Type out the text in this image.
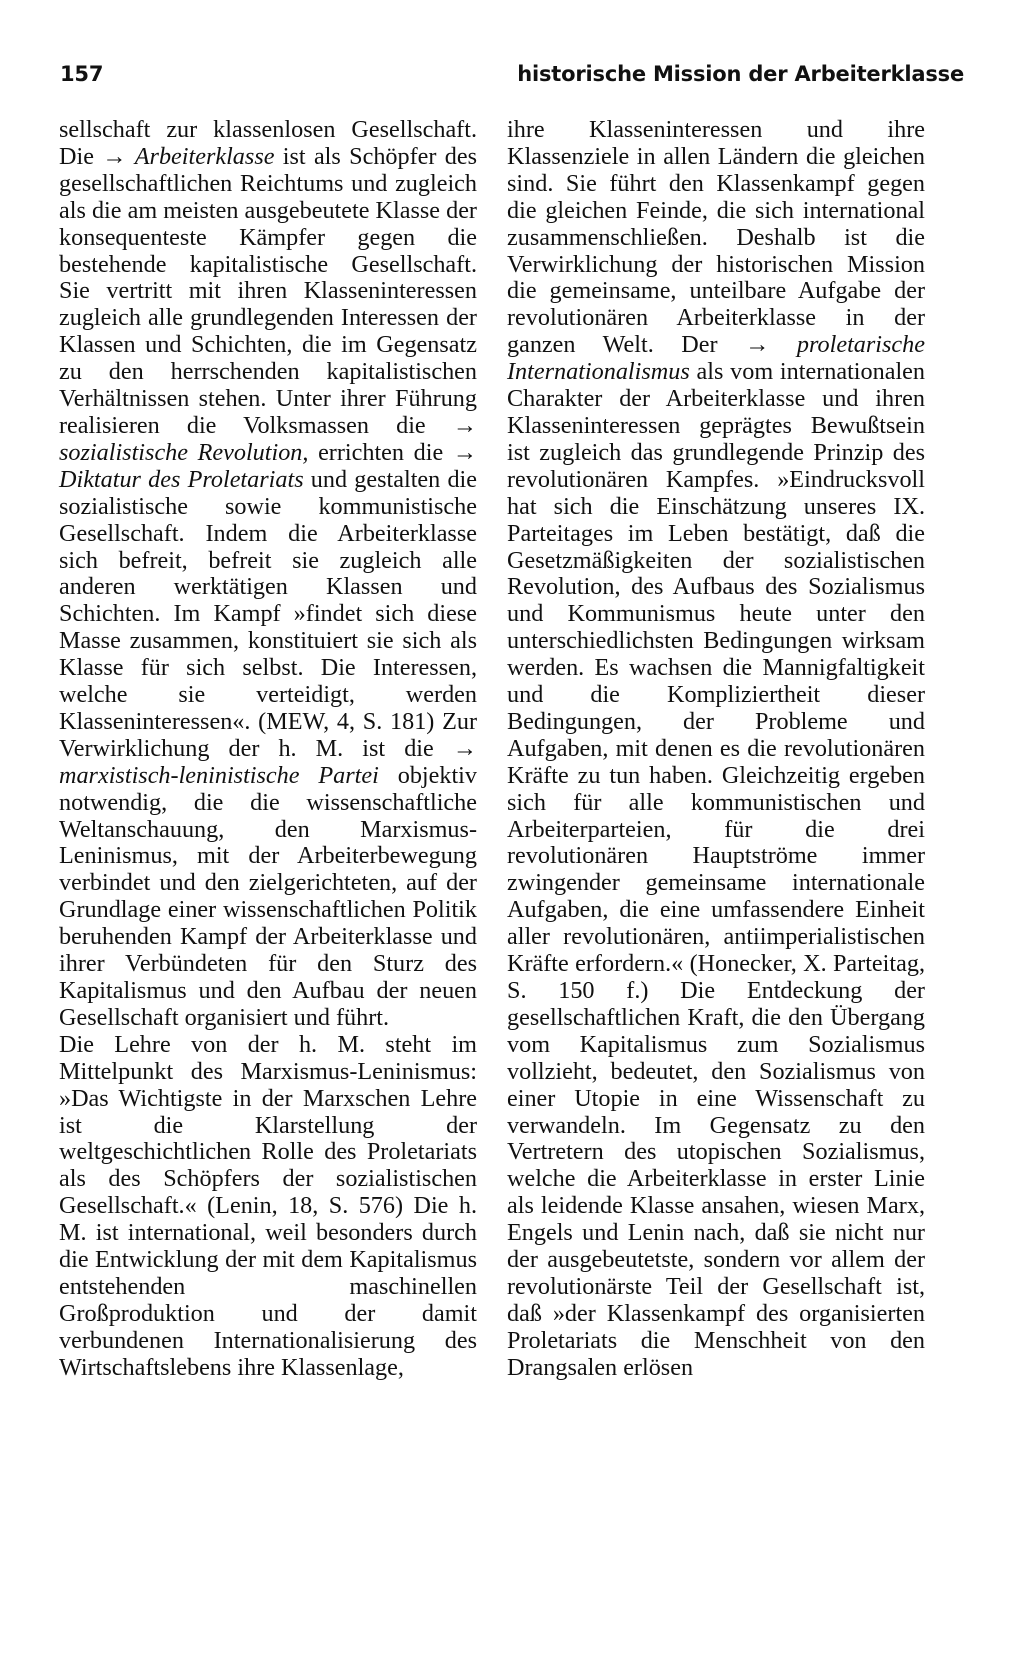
157	historische Mission der Arbeiterklasse

sellschaft zur klassenlosen Gesellschaft. Die → Arbeiterklasse ist als Schöpfer des gesellschaftlichen Reichtums und zugleich als die am meisten ausgebeutete Klasse der konsequenteste Kämpfer gegen die bestehende kapitalistische Gesellschaft. Sie vertritt mit ihren Klasseninteressen zugleich alle grundlegenden Interessen der Klassen und Schichten, die im Gegensatz zu den herrschenden kapitalistischen Verhältnissen stehen. Unter ihrer Führung realisieren die Volksmassen die → sozialistische Revolution, errichten die → Diktatur des Proletariats und gestalten die sozialistische sowie kommunistische Gesellschaft. Indem die Arbeiterklasse sich befreit, befreit sie zugleich alle anderen werktätigen Klassen und Schichten. Im Kampf »findet sich diese Masse zusammen, konstituiert sie sich als Klasse für sich selbst. Die Interessen, welche sie verteidigt, werden Klasseninteressen«. (MEW, 4, S. 181) Zur Verwirklichung der h. M. ist die → marxistisch-leninistische Partei objektiv notwendig, die die wissenschaftliche Weltanschauung, den Marxismus-Leninismus, mit der Arbeiterbewegung verbindet und den zielgerichteten, auf der Grundlage einer wissenschaftlichen Politik beruhenden Kampf der Arbeiterklasse und ihrer Verbündeten für den Sturz des Kapitalismus und den Aufbau der neuen Gesellschaft organisiert und führt.

Die Lehre von der h. M. steht im Mittelpunkt des Marxismus-Leninismus: »Das Wichtigste in der Marxschen Lehre ist die Klarstellung der weltgeschichtlichen Rolle des Proletariats als des Schöpfers der sozialistischen Gesellschaft.« (Lenin, 18, S. 576) Die h. M. ist international, weil besonders durch die Entwicklung der mit dem Kapitalismus entstehenden maschinellen Großproduktion und der damit verbundenen Internationalisierung des Wirtschaftslebens ihre Klassenlage,

ihre Klasseninteressen und ihre Klassenziele in allen Ländern die gleichen sind. Sie führt den Klassenkampf gegen die gleichen Feinde, die sich international zusammenschließen. Deshalb ist die Verwirklichung der historischen Mission die gemeinsame, unteilbare Aufgabe der revolutionären Arbeiterklasse in der ganzen Welt. Der → proletarische Internationalismus als vom internationalen Charakter der Arbeiterklasse und ihren Klasseninteressen geprägtes Bewußtsein ist zugleich das grundlegende Prinzip des revolutionären Kampfes. »Eindrucksvoll hat sich die Einschätzung unseres IX. Parteitages im Leben bestätigt, daß die Gesetzmäßigkeiten der sozialistischen Revolution, des Aufbaus des Sozialismus und Kommunismus heute unter den unterschiedlichsten Bedingungen wirksam werden. Es wachsen die Mannigfaltigkeit und die Kompliziertheit dieser Bedingungen, der Probleme und Aufgaben, mit denen es die revolutionären Kräfte zu tun haben. Gleichzeitig ergeben sich für alle kommunistischen und Arbeiterparteien, für die drei revolutionären Hauptströme immer zwingender gemeinsame internationale Aufgaben, die eine umfassendere Einheit aller revolutionären, antiimperialistischen Kräfte erfordern.« (Honecker, X. Parteitag, S. 150 f.) Die Entdeckung der gesellschaftlichen Kraft, die den Übergang vom Kapitalismus zum Sozialismus vollzieht, bedeutet, den Sozialismus von einer Utopie in eine Wissenschaft zu verwandeln. Im Gegensatz zu den Vertretern des utopischen Sozialismus, welche die Arbeiterklasse in erster Linie als leidende Klasse ansahen, wiesen Marx, Engels und Lenin nach, daß sie nicht nur der ausgebeutetste, sondern vor allem der revolutionärste Teil der Gesellschaft ist, daß »der Klassenkampf des organisierten Proletariats die Menschheit von den Drangsalen erlösen
